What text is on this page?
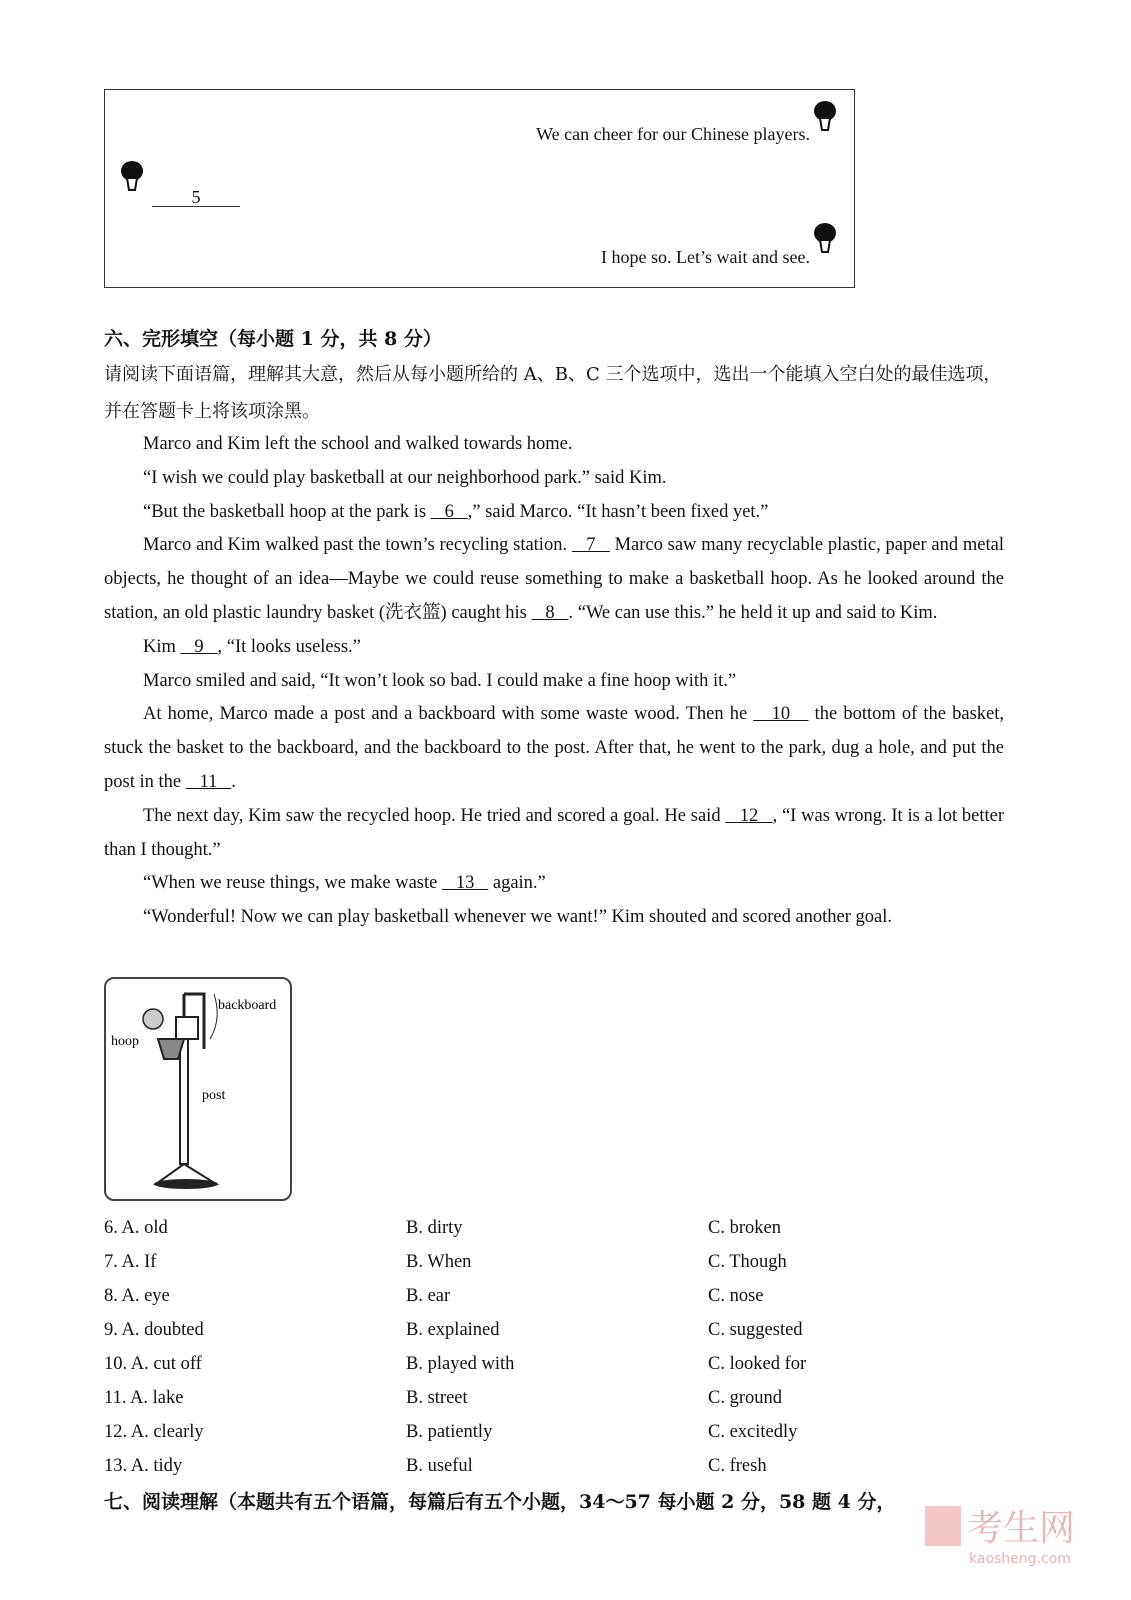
We can cheer for our Chinese players.
5
I hope so. Let’s wait and see.
六、完形填空（每小题 1 分，共 8 分）
请阅读下面语篇，理解其大意，然后从每小题所给的 A、B、C 三个选项中，选出一个能填入空白处的最佳选项，并在答题卡上将该项涂黑。

Marco and Kim left the school and walked towards home.

“I wish we could play basketball at our neighborhood park.” said Kim.

“But the basketball hoop at the park is    6   ,” said Marco. “It hasn’t been fixed yet.”

Marco and Kim walked past the town’s recycling station.    7    Marco saw many recyclable plastic, paper and metal objects, he thought of an idea—Maybe we could reuse something to make a basketball hoop. As he looked around the station, an old plastic laundry basket (洗衣篮) caught his    8   . “We can use this.” he held it up and said to Kim.

Kim    9   , “It looks useless.”

Marco smiled and said, “It won’t look so bad. I could make a fine hoop with it.”

At home, Marco made a post and a backboard with some waste wood. Then he    10    the bottom of the basket, stuck the basket to the backboard, and the backboard to the post. After that, he went to the park, dug a hole, and put the post in the    11   .

The next day, Kim saw the recycled hoop. He tried and scored a goal. He said    12   , “I was wrong. It is a lot better than I thought.”

“When we reuse things, we make waste    13    again.”

“Wonderful! Now we can play basketball whenever we want!” Kim shouted and scored another goal.

backboard
hoop
post
6. A. old	B. dirty	C. broken
7. A. If	B. When	C. Though
8. A. eye	B. ear	C. nose
9. A. doubted	B. explained	C. suggested
10. A. cut off	B. played with	C. looked for
11. A. lake	B. street	C. ground
12. A. clearly	B. patiently	C. excitedly
13. A. tidy	B. useful	C. fresh
七、阅读理解（本题共有五个语篇，每篇后有五个小题，34～57 每小题 2 分，58 题 4 分，
考生网
kaosheng.com
